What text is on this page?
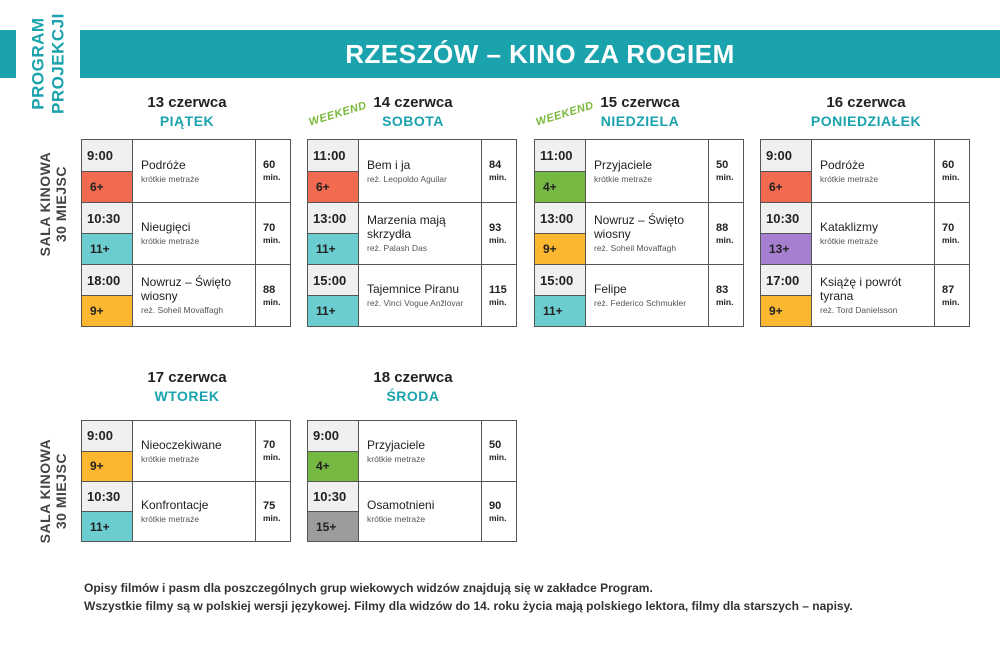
PROGRAM PROJEKCJI	RZESZÓW – KINO ZA ROGIEM
SALA KINOWA 30 MIEJSC
SALA KINOWA 30 MIEJSC
WEEKEND	WEEKEND
13 czerwca
PIĄTEK
9:00
6+
Podróże
krótkie metraże
60
min.
10:30
11+
Nieugięci
krótkie metraże
70
min.
18:00
9+
Nowruz – Święto wiosny
reż. Soheil Movaffagh
88
min.
14 czerwca
SOBOTA
11:00
6+
Bem i ja
reż. Leopoldo Aguilar
84
min.
13:00
11+
Marzenia mają skrzydła
reż. Palash Das
93
min.
15:00
11+
Tajemnice Piranu
reż. Vinci Vogue Anžlovar
115
min.
15 czerwca
NIEDZIELA
11:00
4+
Przyjaciele
krótkie metraże
50
min.
13:00
9+
Nowruz – Święto wiosny
reż. Soheil Movaffagh
88
min.
15:00
11+
Felipe
reż. Federico Schmukler
83
min.
16 czerwca
PONIEDZIAŁEK
9:00
6+
Podróże
krótkie metraże
60
min.
10:30
13+
Kataklizmy
krótkie metraże
70
min.
17:00
9+
Książę i powrót tyrana
reż. Tord Danielsson
87
min.
17 czerwca
WTOREK
9:00
9+
Nieoczekiwane
krótkie metraże
70
min.
10:30
11+
Konfrontacje
krótkie metraże
75
min.
18 czerwca
ŚRODA
9:00
4+
Przyjaciele
krótkie metraże
50
min.
10:30
15+
Osamotnieni
krótkie metraże
90
min.
Opisy filmów i pasm dla poszczególnych grup wiekowych widzów znajdują się w zakładce Program.
Wszystkie filmy są w polskiej wersji językowej. Filmy dla widzów do 14. roku życia mają polskiego lektora, filmy dla starszych – napisy.
